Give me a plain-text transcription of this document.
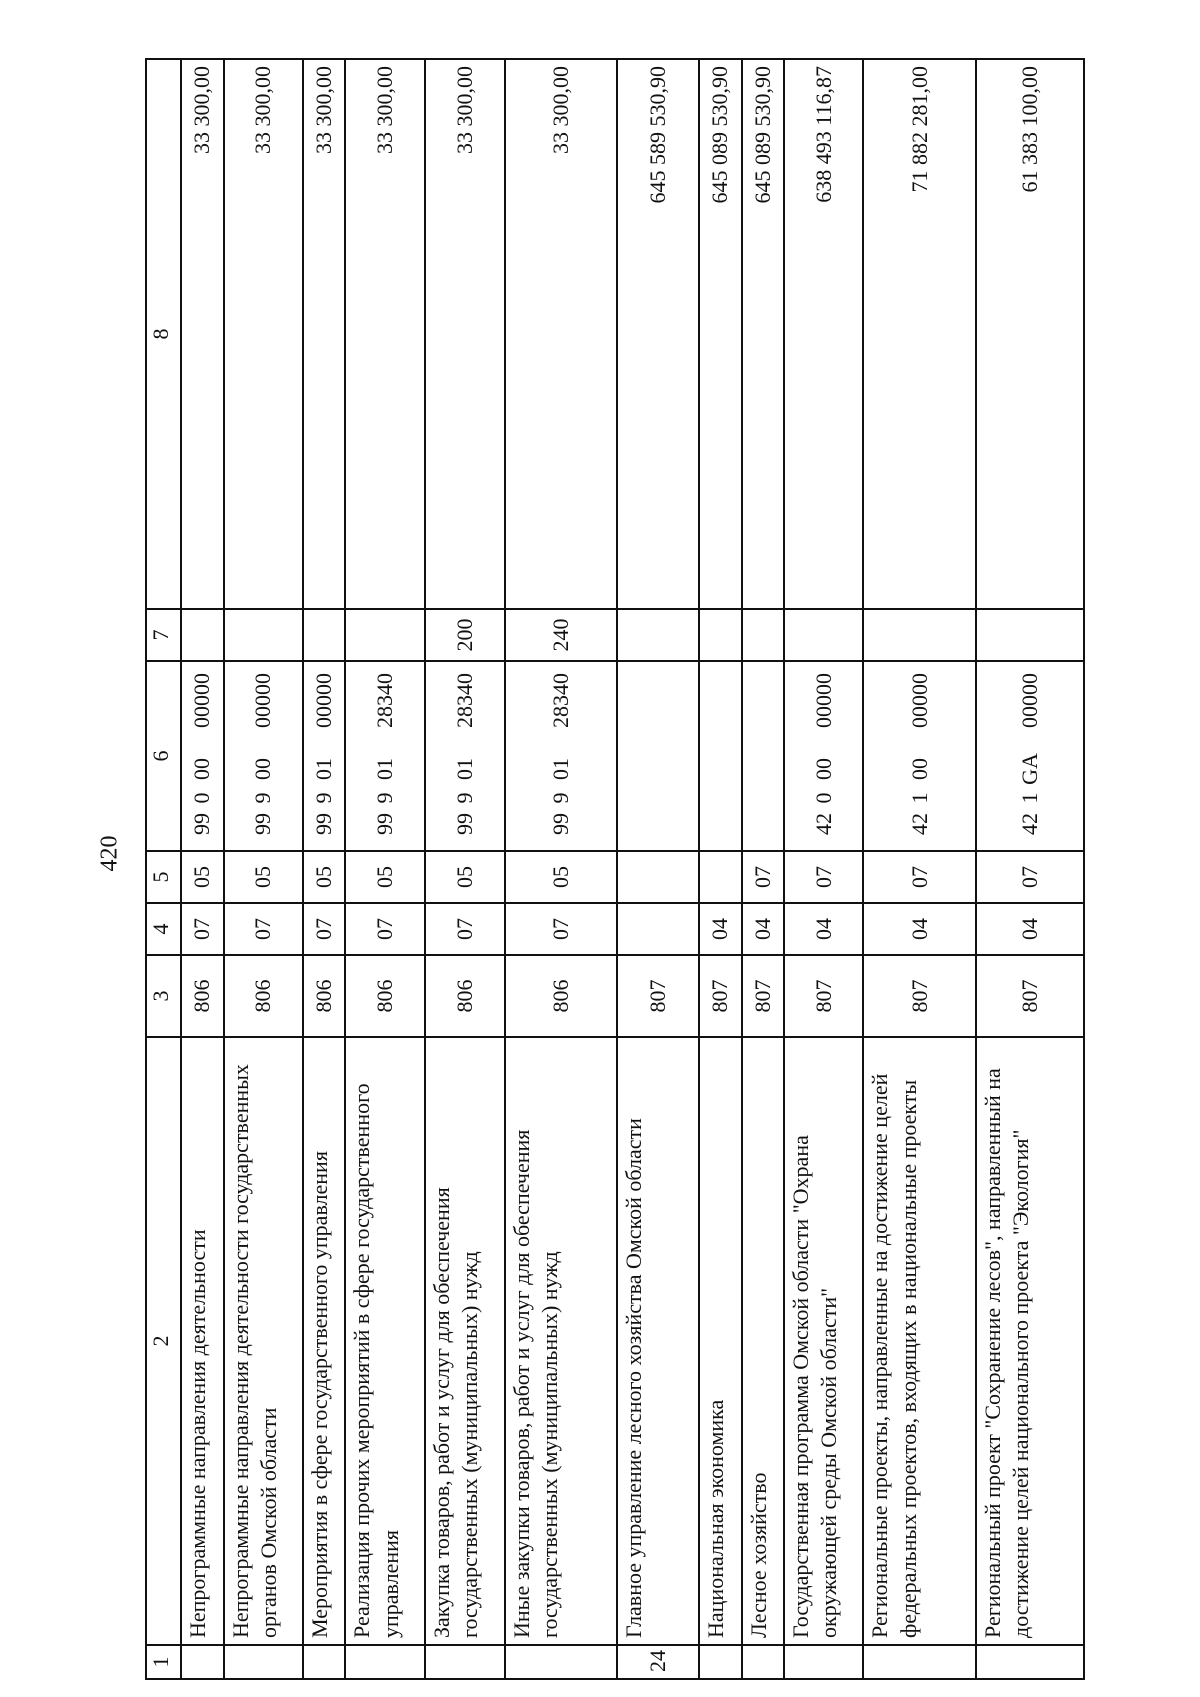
420
1	2	3	4	5	6	7	8
	Непрограммные направления деятельности	806	07	05	9900000000		33 300,00
	Непрограммные направления деятельности государственных органов Омской области	806	07	05	9990000000		33 300,00
	Мероприятия в сфере государственного управления	806	07	05	9990100000		33 300,00
	Реализация прочих мероприятий в сфере государственного управления	806	07	05	9990128340		33 300,00
	Закупка товаров, работ и услуг для обеспечения государственных (муниципальных) нужд	806	07	05	9990128340	200	33 300,00
	Иные закупки товаров, работ и услуг для обеспечения государственных (муниципальных) нужд	806	07	05	9990128340	240	33 300,00
24	Главное управление лесного хозяйства Омской области	807					645 589 530,90
	Национальная экономика	807	04				645 089 530,90
	Лесное хозяйство	807	04	07			645 089 530,90
	Государственная программа Омской области "Охрана окружающей среды Омской области"	807	04	07	4200000000		638 493 116,87
	Региональные проекты, направленные на достижение целей федеральных проектов, входящих в национальные проекты	807	04	07	4210000000		71 882 281,00
	Региональный проект "Сохранение лесов", направленный на достижение целей национального проекта "Экология"	807	04	07	421GA00000		61 383 100,00
